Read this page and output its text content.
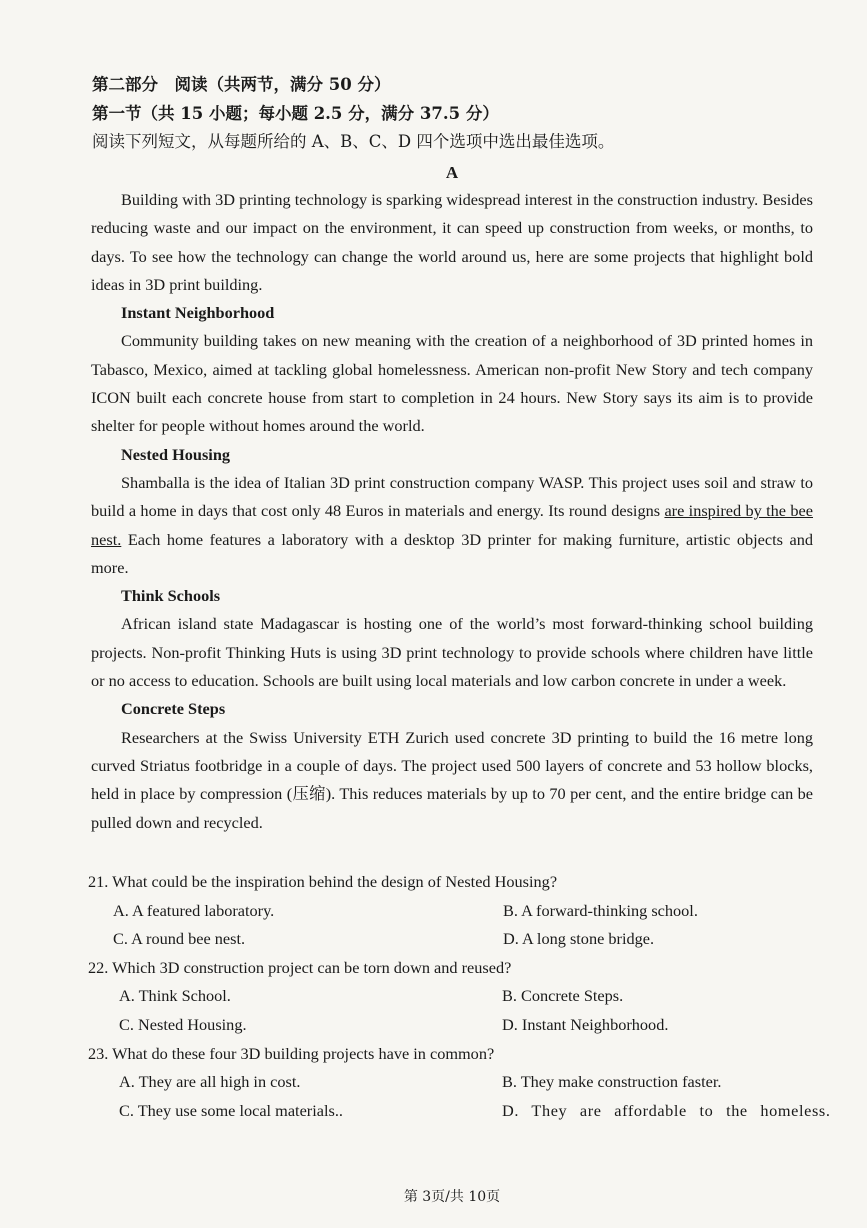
第二部分　阅读（共两节，满分 50 分）
第一节（共 15 小题；每小题 2.5 分，满分 37.5 分）
阅读下列短文，从每题所给的 A、B、C、D 四个选项中选出最佳选项。
A

Building with 3D printing technology is sparking widespread interest in the construction industry. Besides reducing waste and our impact on the environment, it can speed up construction from weeks, or months, to days. To see how the technology can change the world around us, here are some projects that highlight bold ideas in 3D print building.

Instant Neighborhood

Community building takes on new meaning with the creation of a neighborhood of 3D printed homes in Tabasco, Mexico, aimed at tackling global homelessness. American non-profit New Story and tech company ICON built each concrete house from start to completion in 24 hours. New Story says its aim is to provide shelter for people without homes around the world.

Nested Housing

Shamballa is the idea of Italian 3D print construction company WASP. This project uses soil and straw to build a home in days that cost only 48 Euros in materials and energy. Its round designs are inspired by the bee nest. Each home features a laboratory with a desktop 3D printer for making furniture, artistic objects and more.

Think Schools

African island state Madagascar is hosting one of the world’s most forward-thinking school building projects. Non-profit Thinking Huts is using 3D print technology to provide schools where children have little or no access to education. Schools are built using local materials and low carbon concrete in under a week.

Concrete Steps

Researchers at the Swiss University ETH Zurich used concrete 3D printing to build the 16 metre long curved Striatus footbridge in a couple of days. The project used 500 layers of concrete and 53 hollow blocks, held in place by compression (压缩). This reduces materials by up to 70 per cent, and the entire bridge can be pulled down and recycled.

21. What could be the inspiration behind the design of Nested Housing?

A. A featured laboratory.	B. A forward-thinking school.
C. A round bee nest.	D. A long stone bridge.

22. Which 3D construction project can be torn down and reused?

A. Think School.	B. Concrete Steps.
C. Nested Housing.	D. Instant Neighborhood.

23. What do these four 3D building projects have in common?

A. They are all high in cost.	B. They make construction faster.
C. They use some local materials..	D. They are affordable to the homeless.
第 3页/共 10页
